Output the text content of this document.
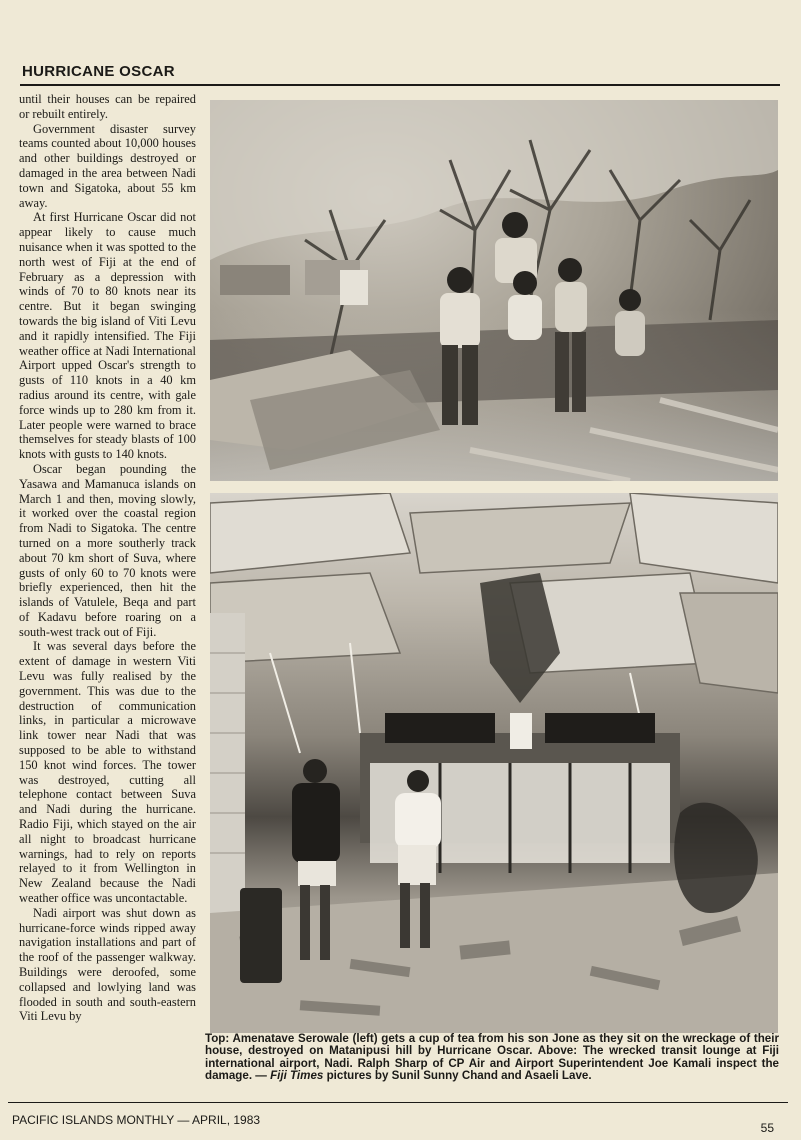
HURRICANE OSCAR

until their houses can be repaired or rebuilt entirely.

Government disaster survey teams counted about 10,000 houses and other buildings destroyed or damaged in the area between Nadi town and Sigatoka, about 55 km away.

At first Hurricane Oscar did not appear likely to cause much nuisance when it was spotted to the north west of Fiji at the end of February as a depression with winds of 70 to 80 knots near its centre. But it began swinging towards the big island of Viti Levu and it rapidly intensified. The Fiji weather office at Nadi International Airport upped Oscar's strength to gusts of 110 knots in a 40 km radius around its centre, with gale force winds up to 280 km from it. Later people were warned to brace themselves for steady blasts of 100 knots with gusts to 140 knots.

Oscar began pounding the Yasawa and Mamanuca islands on March 1 and then, moving slowly, it worked over the coastal region from Nadi to Sigatoka. The centre turned on a more southerly track about 70 km short of Suva, where gusts of only 60 to 70 knots were briefly experienced, then hit the islands of Vatulele, Beqa and part of Kadavu before roaring on a south-west track out of Fiji.

It was several days before the extent of damage in western Viti Levu was fully realised by the government. This was due to the destruction of communication links, in particular a microwave link tower near Nadi that was supposed to be able to withstand 150 knot wind forces. The tower was destroyed, cutting all telephone contact between Suva and Nadi during the hurricane. Radio Fiji, which stayed on the air all night to broadcast hurricane warnings, had to rely on reports relayed to it from Wellington in New Zealand because the Nadi weather office was uncontactable.

Nadi airport was shut down as hurricane-force winds ripped away navigation installations and part of the roof of the passenger walkway. Buildings were deroofed, some collapsed and lowlying land was flooded in south and south-eastern Viti Levu by

Top: Amenatave Serowale (left) gets a cup of tea from his son Jone as they sit on the wreckage of their house, destroyed on Matanipusi hill by Hurricane Oscar. Above: The wrecked transit lounge at Fiji international airport, Nadi. Ralph Sharp of CP Air and Airport Superintendent Joe Kamali inspect the damage. — Fiji Times pictures by Sunil Sunny Chand and Asaeli Lave.
PACIFIC ISLANDS MONTHLY — APRIL, 1983
55
